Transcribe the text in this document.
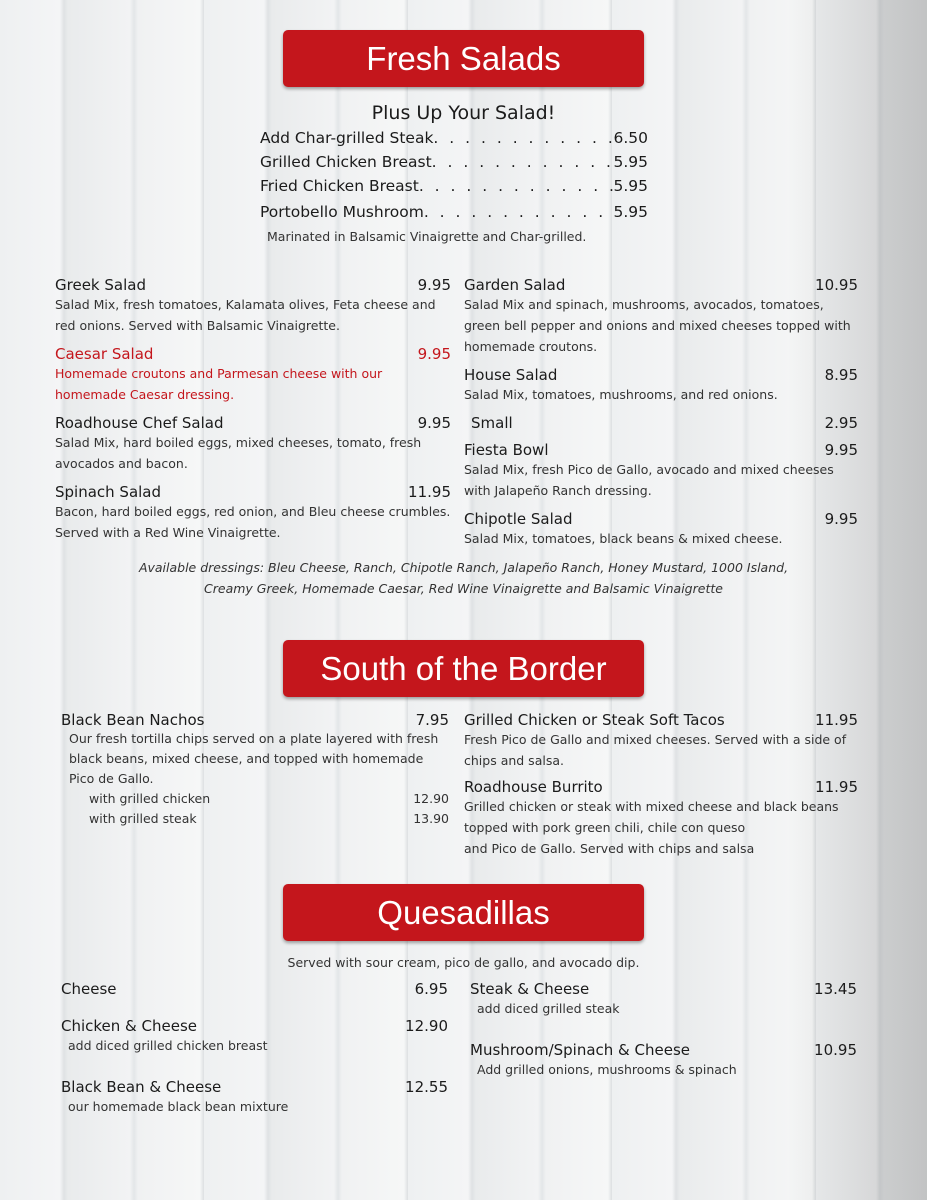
Fresh Salads
Plus Up Your Salad!
Add Char-grilled Steak . . .	6.50
Grilled Chicken Breast . . .	5.95
Fried Chicken Breast . . .	5.95
Portobello Mushroom . . .	5.95
Marinated in Balsamic Vinaigrette and Char-grilled.
Greek Salad	9.95
Salad Mix, fresh tomatoes, Kalamata olives, Feta cheese and red onions. Served with Balsamic Vinaigrette.
Caesar Salad	9.95
Homemade croutons and Parmesan cheese with our homemade Caesar dressing.
Roadhouse Chef Salad	9.95
Salad Mix, hard boiled eggs, mixed cheeses, tomato, fresh avocados and bacon.
Spinach Salad	11.95
Bacon, hard boiled eggs, red onion, and Bleu cheese crumbles. Served with a Red Wine Vinaigrette.
Garden Salad	10.95
Salad Mix and spinach, mushrooms, avocados, tomatoes, green bell pepper and onions and mixed cheeses topped with homemade croutons.
House Salad	8.95
Salad Mix, tomatoes, mushrooms, and red onions.
Small	2.95
Fiesta Bowl	9.95
Salad Mix, fresh Pico de Gallo, avocado and mixed cheeses with Jalapeño Ranch dressing.
Chipotle Salad	9.95
Salad Mix, tomatoes, black beans & mixed cheese.
Available dressings: Bleu Cheese, Ranch, Chipotle Ranch, Jalapeño Ranch, Honey Mustard, 1000 Island,
Creamy Greek, Homemade Caesar, Red Wine Vinaigrette and Balsamic Vinaigrette
South of the Border
Black Bean Nachos	7.95
Our fresh tortilla chips served on a plate layered with fresh black beans, mixed cheese, and topped with homemade Pico de Gallo.
with grilled chicken	12.90
with grilled steak	13.90
Grilled Chicken or Steak Soft Tacos	11.95
Fresh Pico de Gallo and mixed cheeses. Served with a side of chips and salsa.
Roadhouse Burrito	11.95
Grilled chicken or steak with mixed cheese and black beans
topped with pork green chili, chile con queso
and Pico de Gallo. Served with chips and salsa
Quesadillas
Served with sour cream, pico de gallo, and avocado dip.
Cheese	6.95
Chicken & Cheese	12.90
add diced grilled chicken breast
Black Bean & Cheese	12.55
our homemade black bean mixture
Steak & Cheese	13.45
add diced grilled steak
Mushroom/Spinach & Cheese	10.95
Add grilled onions, mushrooms & spinach
